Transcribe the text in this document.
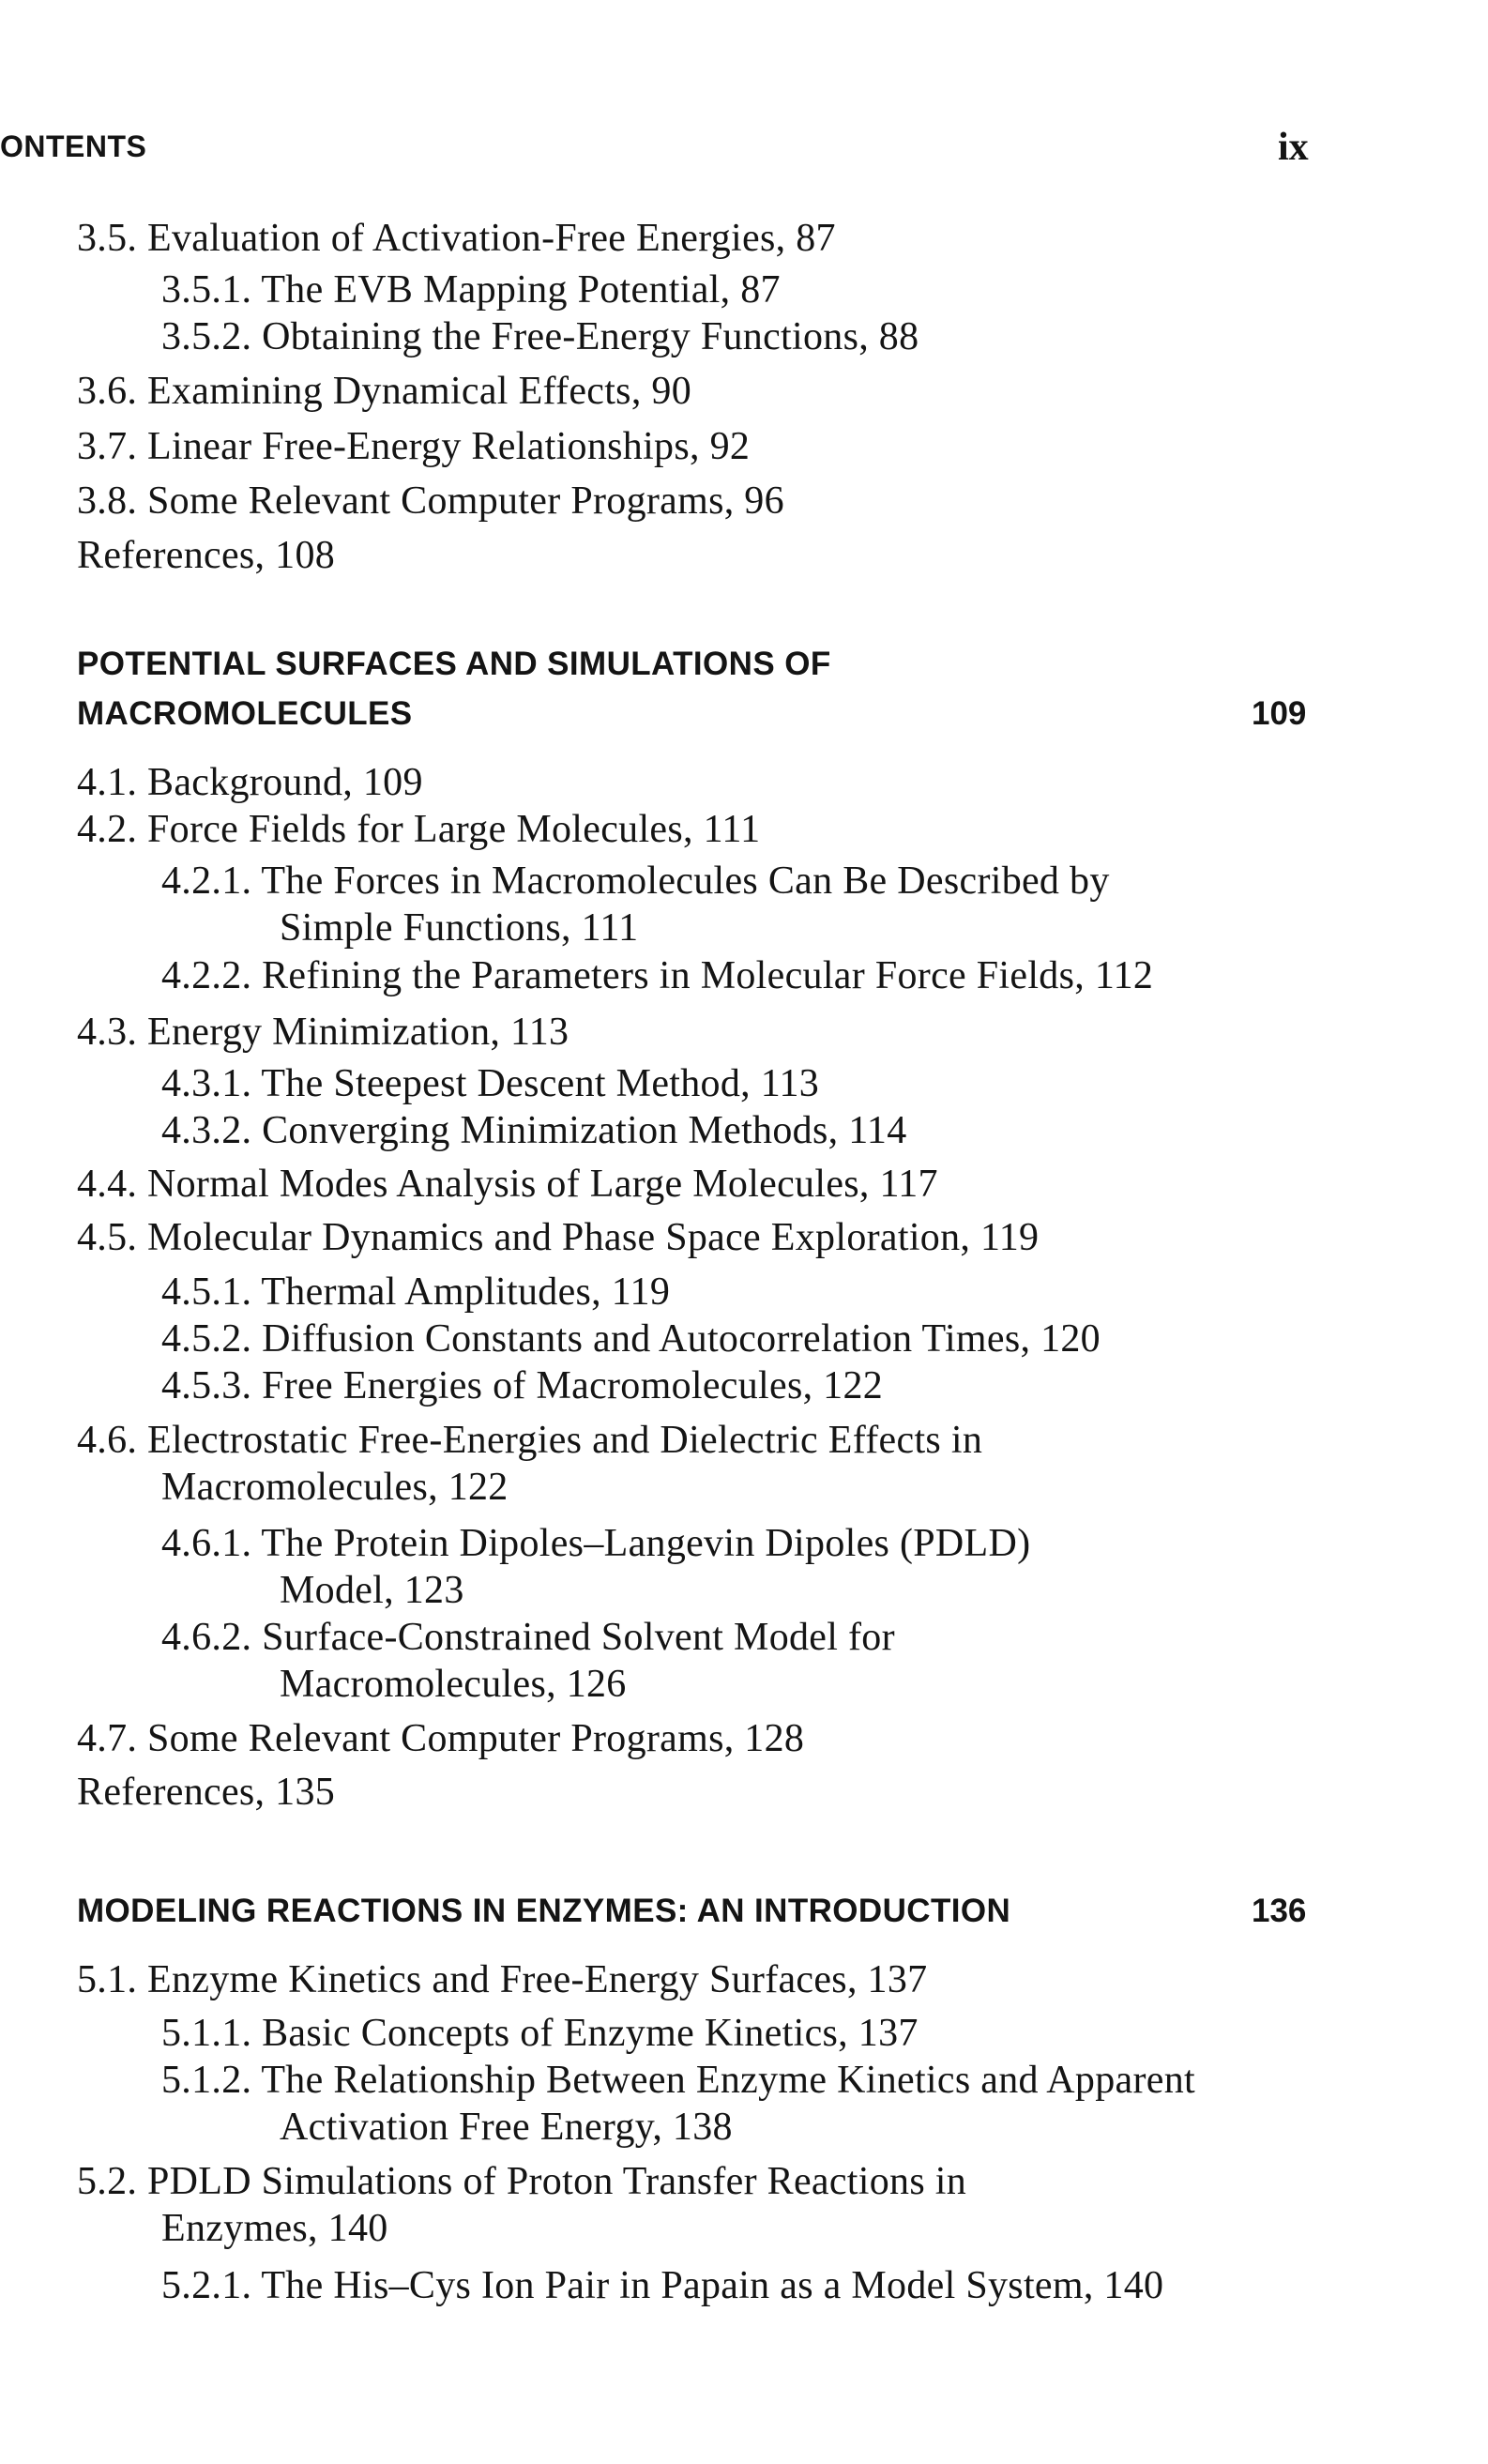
ONTENTS	ix
3.5. Evaluation of Activation-Free Energies, 87
3.5.1. The EVB Mapping Potential, 87
3.5.2. Obtaining the Free-Energy Functions, 88
3.6. Examining Dynamical Effects, 90
3.7. Linear Free-Energy Relationships, 92
3.8. Some Relevant Computer Programs, 96
References, 108
POTENTIAL SURFACES AND SIMULATIONS OF
MACROMOLECULES	109
4.1. Background, 109
4.2. Force Fields for Large Molecules, 111
4.2.1. The Forces in Macromolecules Can Be Described by
Simple Functions, 111
4.2.2. Refining the Parameters in Molecular Force Fields, 112
4.3. Energy Minimization, 113
4.3.1. The Steepest Descent Method, 113
4.3.2. Converging Minimization Methods, 114
4.4. Normal Modes Analysis of Large Molecules, 117
4.5. Molecular Dynamics and Phase Space Exploration, 119
4.5.1. Thermal Amplitudes, 119
4.5.2. Diffusion Constants and Autocorrelation Times, 120
4.5.3. Free Energies of Macromolecules, 122
4.6. Electrostatic Free-Energies and Dielectric Effects in
Macromolecules, 122
4.6.1. The Protein Dipoles–Langevin Dipoles (PDLD)
Model, 123
4.6.2. Surface-Constrained Solvent Model for
Macromolecules, 126
4.7. Some Relevant Computer Programs, 128
References, 135
MODELING REACTIONS IN ENZYMES: AN INTRODUCTION	136
5.1. Enzyme Kinetics and Free-Energy Surfaces, 137
5.1.1. Basic Concepts of Enzyme Kinetics, 137
5.1.2. The Relationship Between Enzyme Kinetics and Apparent
Activation Free Energy, 138
5.2. PDLD Simulations of Proton Transfer Reactions in
Enzymes, 140
5.2.1. The His–Cys Ion Pair in Papain as a Model System, 140
